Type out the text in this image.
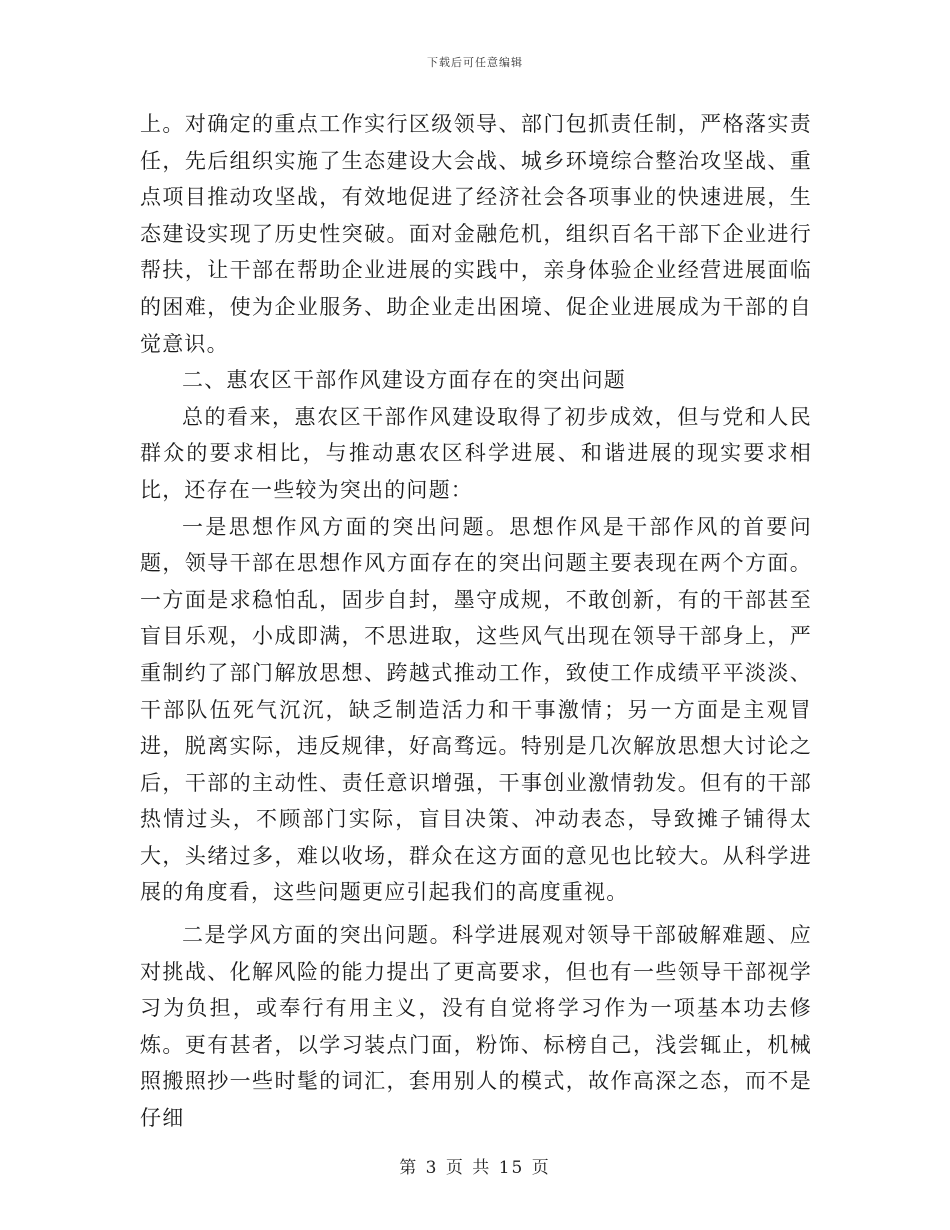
下载后可任意编辑

上。对确定的重点工作实行区级领导、部门包抓责任制，严格落实责任，先后组织实施了生态建设大会战、城乡环境综合整治攻坚战、重点项目推动攻坚战，有效地促进了经济社会各项事业的快速进展，生态建设实现了历史性突破。面对金融危机，组织百名干部下企业进行帮扶，让干部在帮助企业进展的实践中，亲身体验企业经营进展面临的困难，使为企业服务、助企业走出困境、促企业进展成为干部的自觉意识。

二、惠农区干部作风建设方面存在的突出问题

总的看来，惠农区干部作风建设取得了初步成效，但与党和人民群众的要求相比，与推动惠农区科学进展、和谐进展的现实要求相比，还存在一些较为突出的问题：

一是思想作风方面的突出问题。思想作风是干部作风的首要问题，领导干部在思想作风方面存在的突出问题主要表现在两个方面。一方面是求稳怕乱，固步自封，墨守成规，不敢创新，有的干部甚至盲目乐观，小成即满，不思进取，这些风气出现在领导干部身上，严重制约了部门解放思想、跨越式推动工作，致使工作成绩平平淡淡、干部队伍死气沉沉，缺乏制造活力和干事激情；另一方面是主观冒进，脱离实际，违反规律，好高骛远。特别是几次解放思想大讨论之后，干部的主动性、责任意识增强，干事创业激情勃发。但有的干部热情过头，不顾部门实际，盲目决策、冲动表态，导致摊子铺得太大，头绪过多，难以收场，群众在这方面的意见也比较大。从科学进展的角度看，这些问题更应引起我们的高度重视。

二是学风方面的突出问题。科学进展观对领导干部破解难题、应对挑战、化解风险的能力提出了更高要求，但也有一些领导干部视学习为负担，或奉行有用主义，没有自觉将学习作为一项基本功去修炼。更有甚者，以学习装点门面，粉饰、标榜自己，浅尝辄止，机械照搬照抄一些时髦的词汇，套用别人的模式，故作高深之态，而不是仔细

第 3 页 共 15 页
